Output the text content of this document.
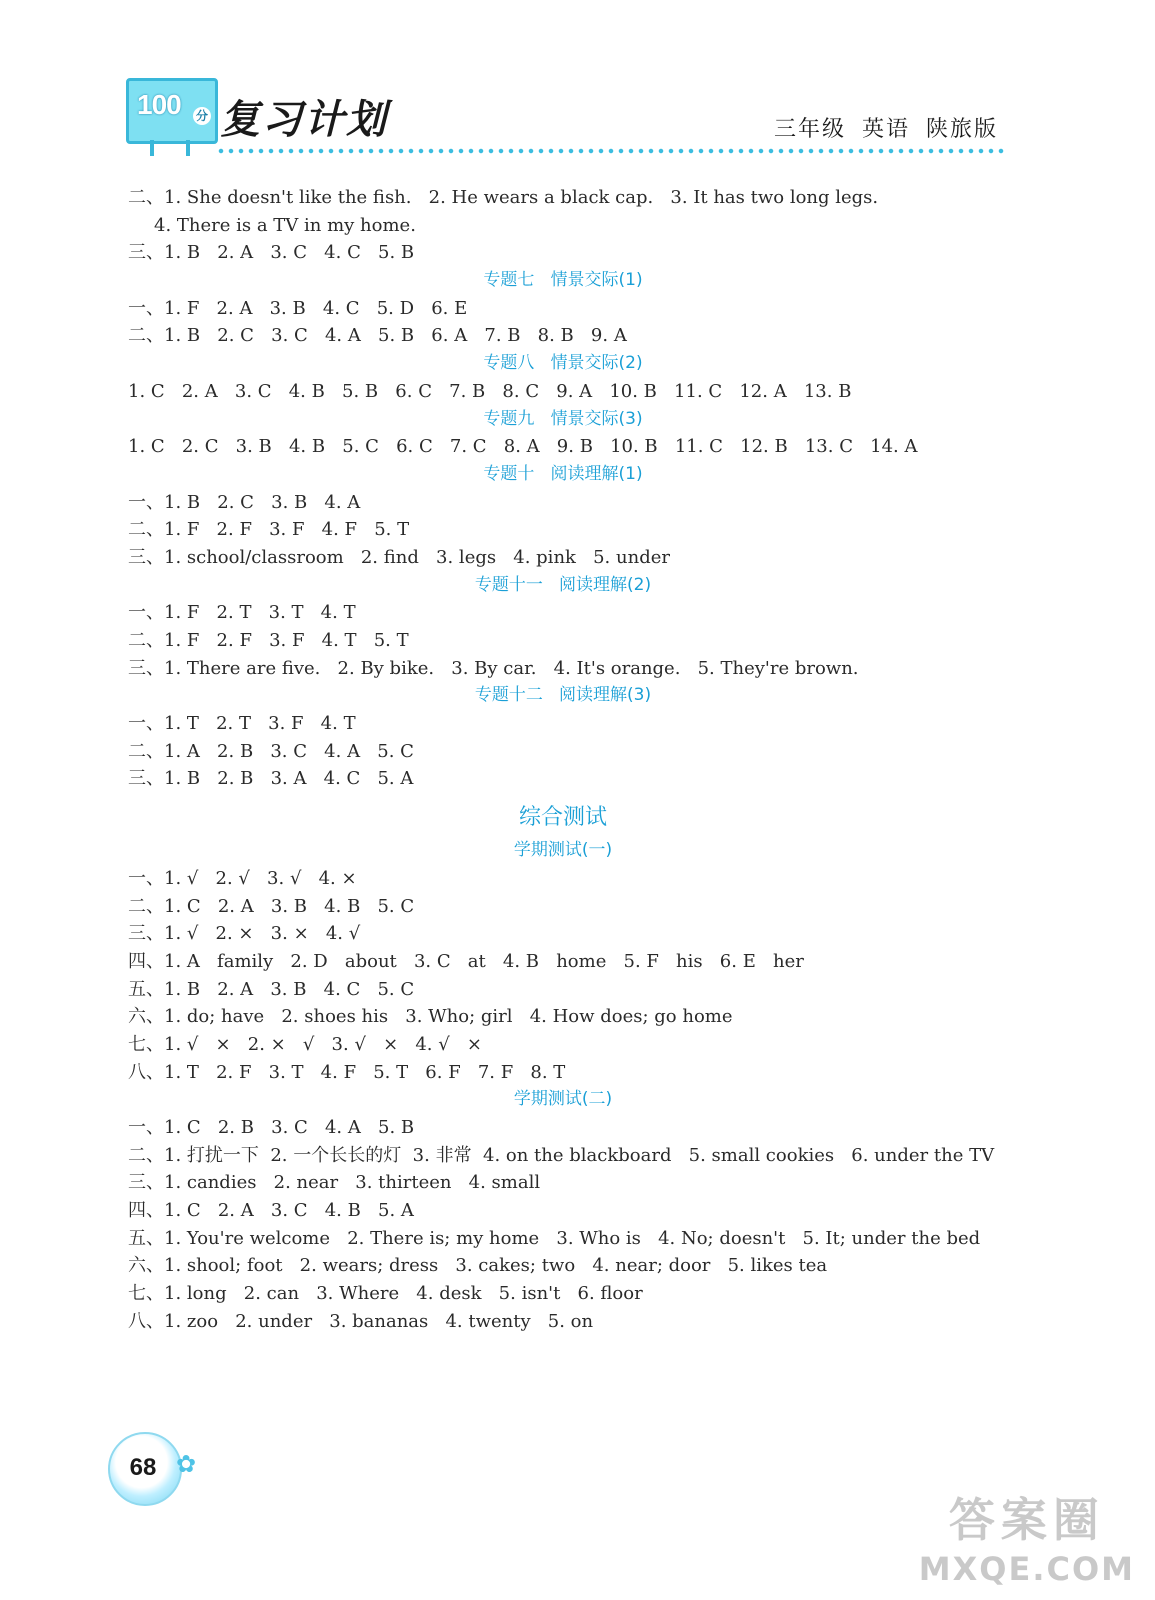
100 分 复习计划	三年级 英语 陕旅版
二、1. She doesn't like the fish.   2. He wears a black cap.   3. It has two long legs.
4. There is a TV in my home.
三、1. B   2. A   3. C   4. C   5. B
专题七   情景交际(1)
一、1. F   2. A   3. B   4. C   5. D   6. E
二、1. B   2. C   3. C   4. A   5. B   6. A   7. B   8. B   9. A
专题八   情景交际(2)
1. C   2. A   3. C   4. B   5. B   6. C   7. B   8. C   9. A   10. B   11. C   12. A   13. B
专题九   情景交际(3)
1. C   2. C   3. B   4. B   5. C   6. C   7. C   8. A   9. B   10. B   11. C   12. B   13. C   14. A
专题十   阅读理解(1)
一、1. B   2. C   3. B   4. A
二、1. F   2. F   3. F   4. F   5. T
三、1. school/classroom   2. find   3. legs   4. pink   5. under
专题十一   阅读理解(2)
一、1. F   2. T   3. T   4. T
二、1. F   2. F   3. F   4. T   5. T
三、1. There are five.   2. By bike.   3. By car.   4. It's orange.   5. They're brown.
专题十二   阅读理解(3)
一、1. T   2. T   3. F   4. T
二、1. A   2. B   3. C   4. A   5. C
三、1. B   2. B   3. A   4. C   5. A
综合测试
学期测试(一)
一、1. √   2. √   3. √   4. ×
二、1. C   2. A   3. B   4. B   5. C
三、1. √   2. ×   3. ×   4. √
四、1. A   family   2. D   about   3. C   at   4. B   home   5. F   his   6. E   her
五、1. B   2. A   3. B   4. C   5. C
六、1. do; have   2. shoes his   3. Who; girl   4. How does; go home
七、1. √   ×   2. ×   √   3. √   ×   4. √   ×
八、1. T   2. F   3. T   4. F   5. T   6. F   7. F   8. T
学期测试(二)
一、1. C   2. B   3. C   4. A   5. B
二、1. 打扰一下  2. 一个长长的灯  3. 非常  4. on the blackboard   5. small cookies   6. under the TV
三、1. candies   2. near   3. thirteen   4. small
四、1. C   2. A   3. C   4. B   5. A
五、1. You're welcome   2. There is; my home   3. Who is   4. No; doesn't   5. It; under the bed
六、1. shool; foot   2. wears; dress   3. cakes; two   4. near; door   5. likes tea
七、1. long   2. can   3. Where   4. desk   5. isn't   6. floor
八、1. zoo   2. under   3. bananas   4. twenty   5. on
68 ✿
答案圈
MXQE.COM
